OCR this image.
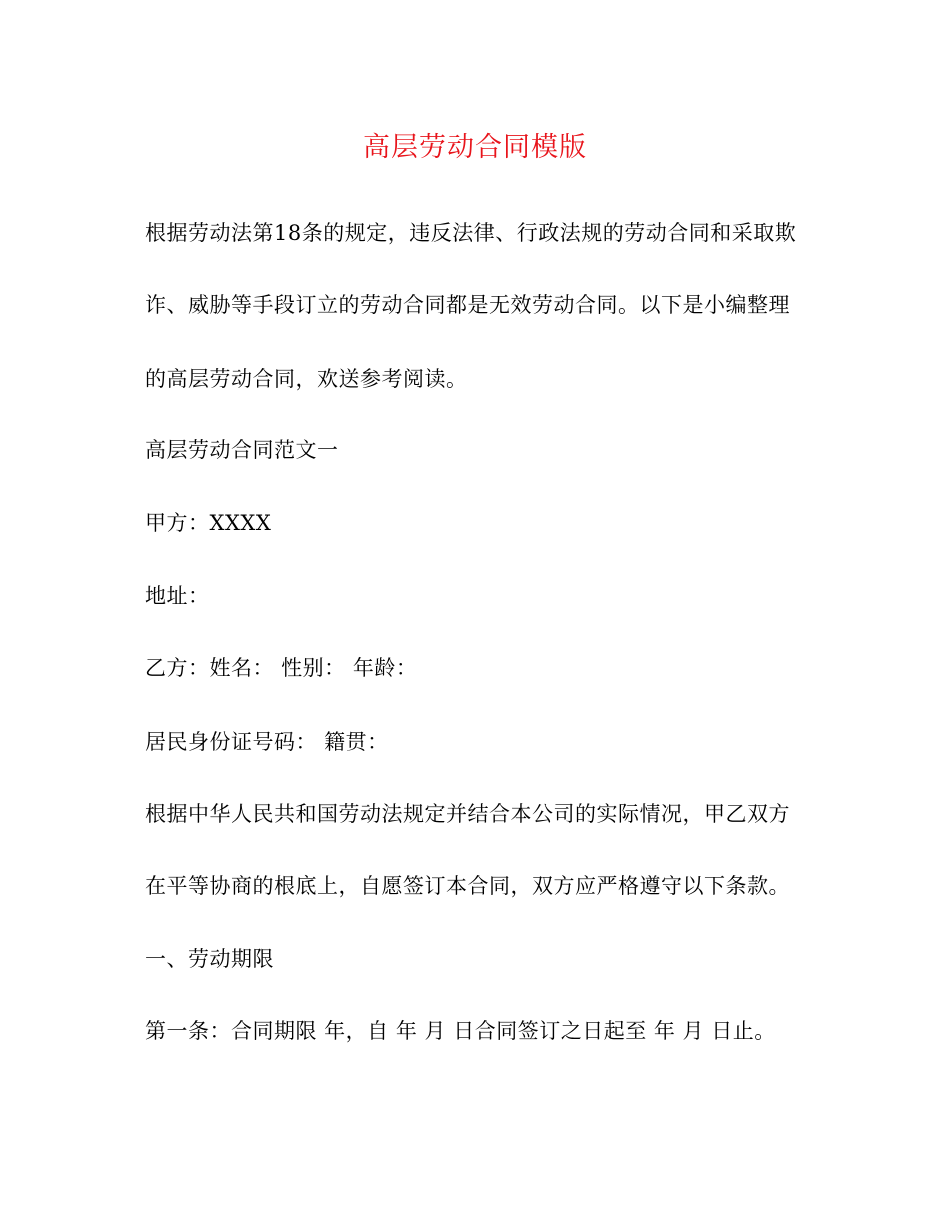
高层劳动合同模版
根据劳动法第18条的规定，违反法律、行政法规的劳动合同和采取欺
诈、威胁等手段订立的劳动合同都是无效劳动合同。以下是小编整理
的高层劳动合同，欢送参考阅读。
高层劳动合同范文一
甲方：XXXX
地址：
乙方：姓名： 性别： 年龄：
居民身份证号码： 籍贯：
根据中华人民共和国劳动法规定并结合本公司的实际情况，甲乙双方
在平等协商的根底上，自愿签订本合同，双方应严格遵守以下条款。
一、劳动期限
第一条：合同期限 年，自 年 月 日合同签订之日起至 年 月 日止。
